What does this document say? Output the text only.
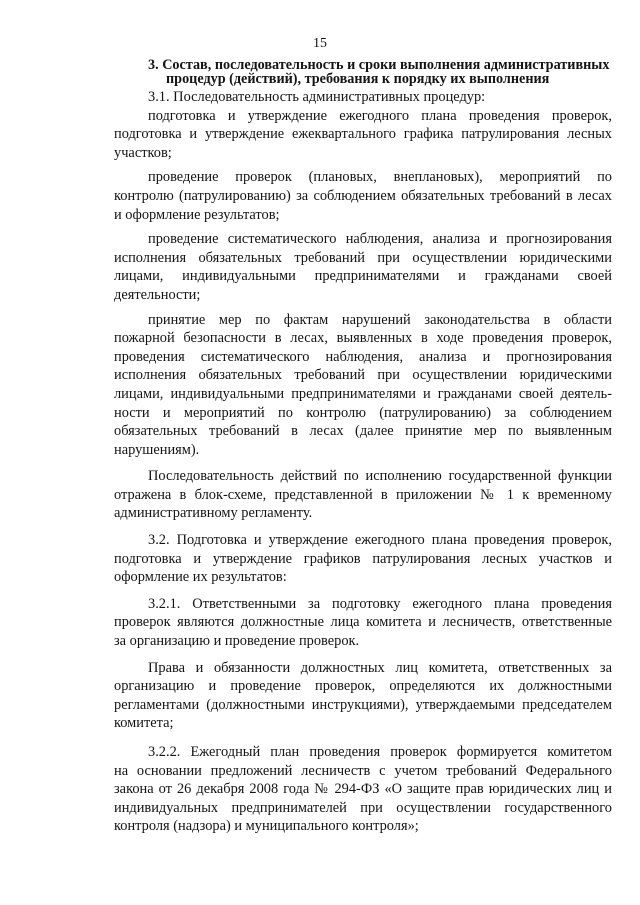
15
3. Состав, последовательность и сроки выполнения административных
процедур (действий), требования к порядку их выполнения
3.1. Последовательность административных процедур:
подготовка и утверждение ежегодного плана проведения проверок,
подготовка и утверждение ежеквартального графика патрулирования лесных
участков;
проведение проверок (плановых, внеплановых), мероприятий по
контролю (патрулированию) за соблюдением обязательных требований в лесах
и оформление результатов;
проведение систематического наблюдения, анализа и прогнозирования
исполнения обязательных требований при осуществлении юридическими
лицами, индивидуальными предпринимателями и гражданами своей
деятельности;
принятие мер по фактам нарушений законодательства в области
пожарной безопасности в лесах, выявленных в ходе проведения проверок,
проведения систематического наблюдения, анализа и прогнозирования
исполнения обязательных требований при осуществлении юридическими
лицами, индивидуальными предпринимателями и гражданами своей деятель-
ности и мероприятий по контролю (патрулированию) за соблюдением
обязательных требований в лесах (далее принятие мер по выявленным
нарушениям).
Последовательность действий по исполнению государственной функции
отражена в блок-схеме, представленной в приложении № 1 к временному
административному регламенту.
3.2. Подготовка и утверждение ежегодного плана проведения проверок,
подготовка и утверждение графиков патрулирования лесных участков и
оформление их результатов:
3.2.1. Ответственными за подготовку ежегодного плана проведения
проверок являются должностные лица комитета и лесничеств, ответственные
за организацию и проведение проверок.
Права и обязанности должностных лиц комитета, ответственных за
организацию и проведение проверок, определяются их должностными
регламентами (должностными инструкциями), утверждаемыми председателем
комитета;
3.2.2. Ежегодный план проведения проверок формируется комитетом
на основании предложений лесничеств с учетом требований Федерального
закона от 26 декабря 2008 года № 294-ФЗ «О защите прав юридических лиц и
индивидуальных предпринимателей при осуществлении государственного
контроля (надзора) и муниципального контроля»;
